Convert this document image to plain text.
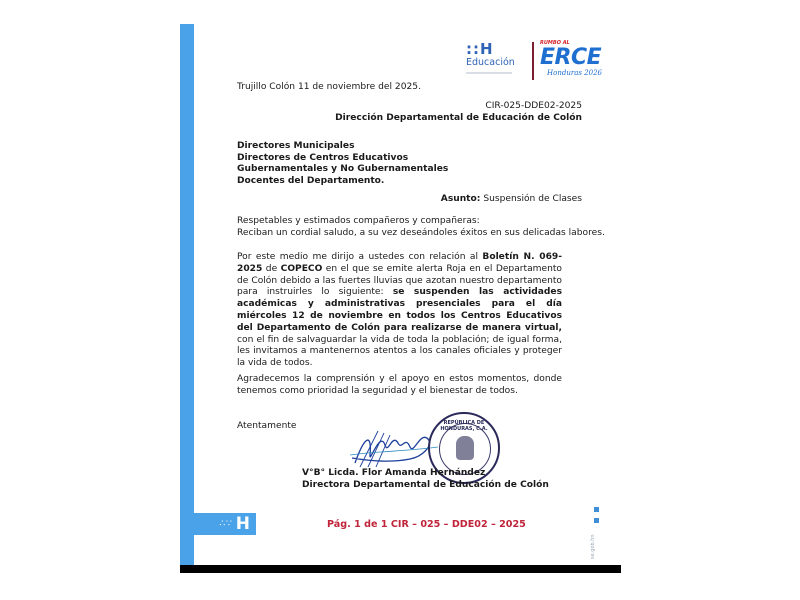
::H
Educación
RUMBO AL
ERCE
Honduras 2026
Trujillo Colón 11 de noviembre del 2025.
CIR-025-DDE02-2025
Dirección Departamental de Educación de Colón
Directores Municipales
Directores de Centros Educativos
Gubernamentales y No Gubernamentales
Docentes del Departamento.
Asunto: Suspensión de Clases
Respetables y estimados compañeros y compañeras:
Reciban un cordial saludo, a su vez deseándoles éxitos en sus delicadas labores.
Por este medio me dirijo a ustedes con relación al Boletín N. 069-2025 de COPECO en el que se emite alerta Roja en el Departamento de Colón debido a las fuertes lluvias que azotan nuestro departamento para instruirles lo siguiente: se suspenden las actividades académicas y administrativas presenciales para el día miércoles 12 de noviembre en todos los Centros Educativos del Departamento de Colón para realizarse de manera virtual, con el fin de salvaguardar la vida de toda la población; de igual forma, les invitamos a mantenernos atentos a los canales oficiales y proteger la vida de todos.
Agradecemos la comprensión y el apoyo en estos momentos, donde tenemos como prioridad la seguridad y el bienestar de todos.
Atentamente	REPÚBLICA DE HONDURAS, C.A.
V°B° Licda. Flor Amanda Hernández
Directora Departamental de Educación de Colón
∴∵ H	Pág. 1 de 1 CIR – 025 – DDE02 – 2025
se.gob.hn
